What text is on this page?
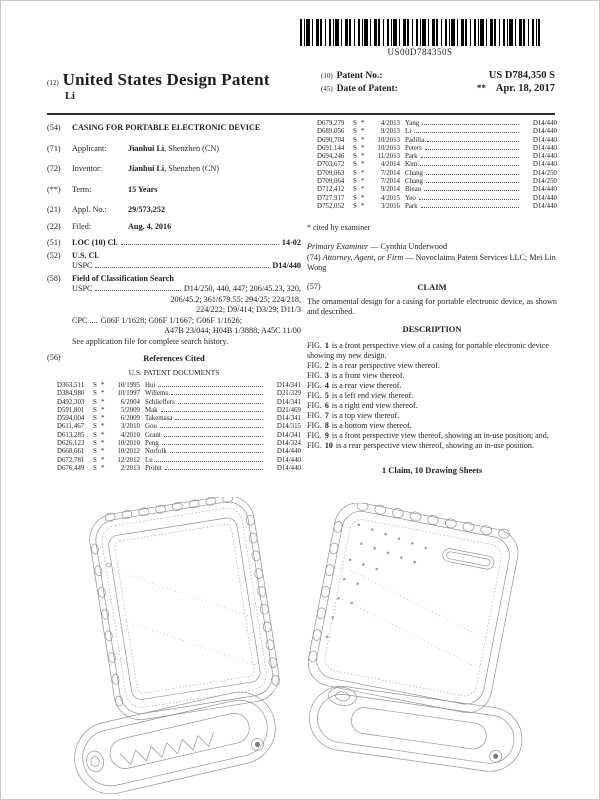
US00D784350S
(12) United States Design Patent
Li
(10) Patent No.:	US D784,350 S
(45) Date of Patent:	** Apr. 18, 2017
(54)	CASING FOR PORTABLE ELECTRONIC DEVICE
(71)	Applicant:	Jianhui Li, Shenzhen (CN)
(72)	Inventor:	Jianhui Li, Shenzhen (CN)
(**)	Term:	15 Years
(21)	Appl. No.:	29/573,252
(22)	Filed:	Aug. 4, 2016
(51)	LOC (10) Cl.	14-02
(52)	U.S. Cl.
USPC	D14/440
(58)	Field of Classification Search
USPC	D14/250, 440, 447; 206/45.23, 320,
206/45.2; 361/679.55; 294/25; 224/218,
224/222; D9/414; D3/29; D11/3
CPC .... G06F 1/1628; G06F 1/1667; G06F 1/1626;
A47B 23/044; H04B 1/3888; A45C 11/00
See application file for complete search history.
(56)	References Cited
U.S. PATENT DOCUMENTS
D363,511	S *	10/1995 Hui	D14/341
D384,980	S *	10/1997 Willems	D21/329
D492,303	S *	6/2004 Schlieffers	D14/341
D591,801	S *	5/2009 Mak	D21/469
D594,004	S *	6/2009 Takemasa	D14/341
D611,467	S *	3/2010 Gou	D14/315
D613,285	S *	4/2010 Grant	D14/341
D626,123	S *	10/2010 Peng	D14/324
D668,661	S *	10/2012 Norfolk	D14/440
D672,781	S *	12/2012 Lu	D14/440
D676,449	S *	2/2013 Probit	D14/440
D679,279	S *	4/2013 Yang	D14/440
D689,056	S *	9/2013 Li	D14/440
D690,704	S *	10/2013 Padilla	D14/440
D691,144	S *	10/2013 Peters	D14/440
D694,246	S *	11/2013 Park	D14/440
D703,672	S *	4/2014 Kim	D14/440
D709,063	S *	7/2014 Chang	D14/250
D709,064	S *	7/2014 Chang	D14/250
D712,412	S *	9/2014 Bleau	D14/440
D727,917	S *	4/2015 Yeo	D14/440
D752,052	S *	3/2016 Park	D14/440
* cited by examiner
Primary Examiner — Cynthia Underwood
(74) Attorney, Agent, or Firm — Novoclaims Patent Services LLC; Mei Lin Wong
(57)	CLAIM
The ornamental design for a casing for portable electronic device, as shown and described.
DESCRIPTION
FIG. 1 is a front perspective view of a casing for portable electronic device showing my new design.
FIG. 2 is a rear perspective view thereof.
FIG. 3 is a front view thereof.
FIG. 4 is a rear view thereof.
FIG. 5 is a left end view thereof.
FIG. 6 is a right end view thereof.
FIG. 7 is a top view thereof.
FIG. 8 is a bottom view thereof.
FIG. 9 is a front perspective view thereof, showing an in-use position; and,
FIG. 10 is a rear perspective view thereof, showing an in-use position.
1 Claim, 10 Drawing Sheets
